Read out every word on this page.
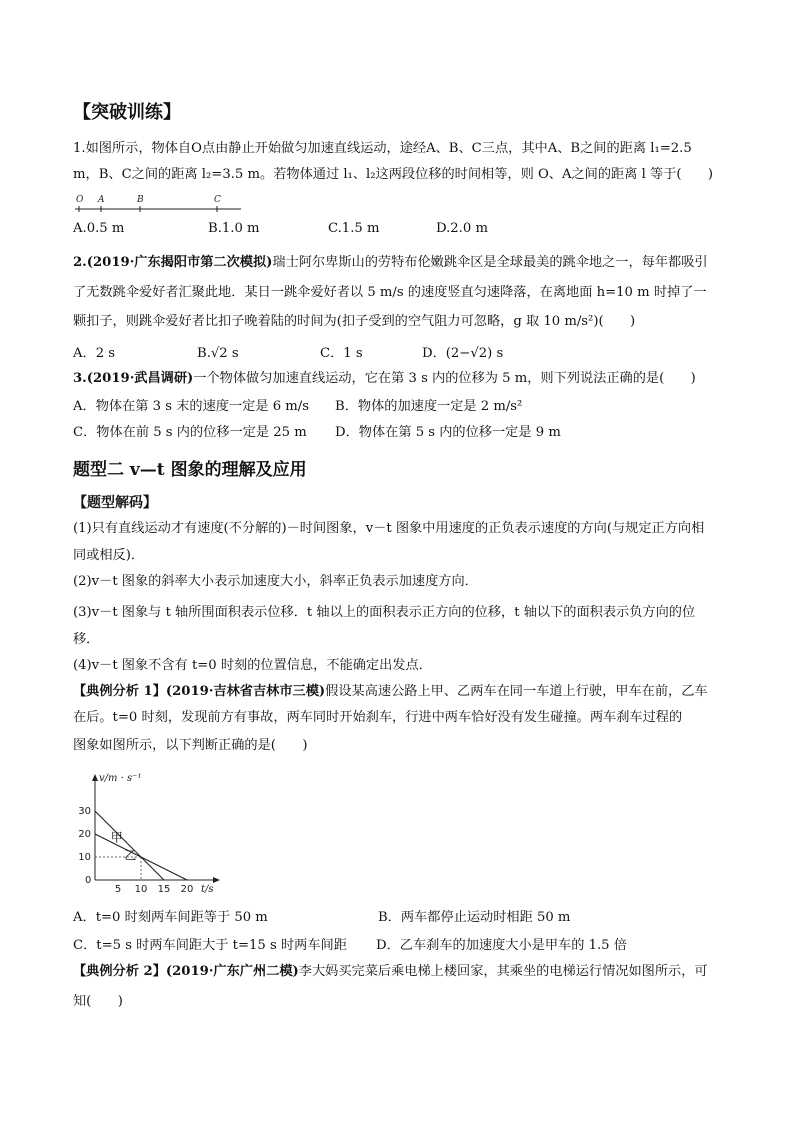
【突破训练】
1.如图所示，物体自O点由静止开始做匀加速直线运动，途经A、B、C三点，其中A、B之间的距离 l₁=2.5
m，B、C之间的距离 l₂=3.5 m。若物体通过 l₁、l₂这两段位移的时间相等，则 O、A之间的距离 l 等于(　　)
O A	B	C
A.0.5 m	B.1.0 m	C.1.5 m	D.2.0 m
2.(2019·广东揭阳市第二次模拟)瑞士阿尔卑斯山的劳特布伦嫩跳伞区是全球最美的跳伞地之一，每年都吸引
了无数跳伞爱好者汇聚此地．某日一跳伞爱好者以 5 m/s 的速度竖直匀速降落，在离地面 h=10 m 时掉了一
颗扣子，则跳伞爱好者比扣子晚着陆的时间为(扣子受到的空气阻力可忽略，g 取 10 m/s²)(　　)
A．2 s	B.√2 s	C．1 s	D．(2−√2) s
3.(2019·武昌调研)一个物体做匀加速直线运动，它在第 3 s 内的位移为 5 m，则下列说法正确的是(　　)
A．物体在第 3 s 末的速度一定是 6 m/s B．物体的加速度一定是 2 m/s²
C．物体在前 5 s 内的位移一定是 25 m D．物体在第 5 s 内的位移一定是 9 m
题型二 v—t 图象的理解及应用
【题型解码】
(1)只有直线运动才有速度(不分解的)－时间图象，v－t 图象中用速度的正负表示速度的方向(与规定正方向相
同或相反)．
(2)v－t 图象的斜率大小表示加速度大小，斜率正负表示加速度方向．
(3)v－t 图象与 t 轴所围面积表示位移．t 轴以上的面积表示正方向的位移，t 轴以下的面积表示负方向的位
移．
(4)v－t 图象不含有 t=0 时刻的位置信息，不能确定出发点．
【典例分析 1】(2019·吉林省吉林市三模)假设某高速公路上甲、乙两车在同一车道上行驶，甲车在前，乙车
在后。t=0 时刻，发现前方有事故，两车同时开始刹车，行进中两车恰好没有发生碰撞。两车刹车过程的
图象如图所示，以下判断正确的是(　　)
v/m · s⁻¹
t/s
0
5 10 15 20
10
20
30
乙
甲
A．t=0 时刻两车间距等于 50 m	B．两车都停止运动时相距 50 m
C．t=5 s 时两车间距大于 t=15 s 时两车间距 D．乙车刹车的加速度大小是甲车的 1.5 倍
【典例分析 2】(2019·广东广州二模)李大妈买完菜后乘电梯上楼回家，其乘坐的电梯运行情况如图所示，可
知(　　)
